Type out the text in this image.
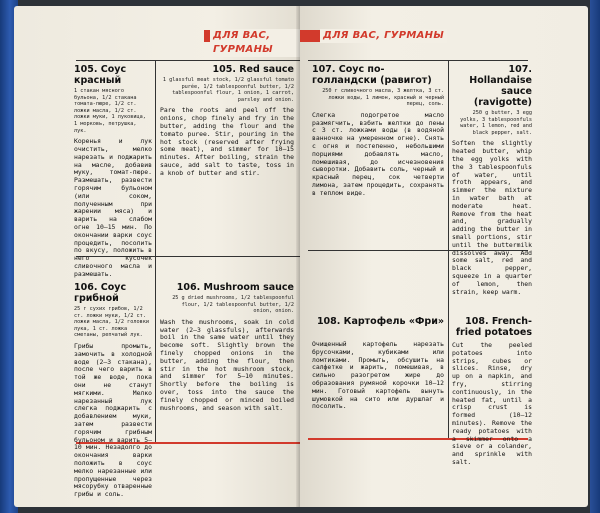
ДЛЯ ВАС, ГУРМАНЫ
105. Соус красный
1 стакан мясного бульона, 1/2 стакана томата-пюре, 1/2 ст. ложки масла, 1/2 ст. ложки муки, 1 луковица, 1 морковь, петрушка, лук.
Коренья и лук очистить, мелко нарезать и поджарить на масле, добавив муку, томат-пюре. Размешать, развести горячим бульоном (или соком, полученным при жарении мяса) и варить на слабом огне 10—15 мин. По окончании варки соус процедить, посолить по вкусу, положить в него кусочек сливочного масла и размешать.
105. Red sauce
1 glassful meat stock, 1/2 glassful tomato purée, 1/2 tablespoonful butter, 1/2 tablespoonful flour, 1 onion, 1 carrot, parsley and onion.
Pare the roots and peel off the onions, chop finely and fry in the butter, adding the flour and the tomato puree. Stir, pouring in the hot stock (reserved after frying some meat), and simmer for 10—15 minutes. After boiling, strain the sauce, add salt to taste, toss in a knob of butter and stir.
106. Соус грибной
25 г сухих грибов, 1/2 ст. ложки муки, 1/2 ст. ложки масла, 1/2 головки лука, 1 ст. ложка сметаны, репчатый лук.
Грибы промыть, замочить в холодной воде (2—3 стакана), после чего варить в той же воде, пока они не станут мягкими. Мелко нарезанный лук слегка поджарить с добавлением муки, затем развести горячим грибным бульоном и варить 5—10 мин. Незадолго до окончания варки положить в соус мелко нарезанные или пропущенные через мясорубку отваренные грибы и соль.
106. Mushroom sauce
25 g dried mushrooms, 1/2 tablespoonful flour, 1/2 tablespoonful butter, 1/2 onion, onion.
Wash the mushrooms, soak in cold water (2—3 glassfuls), afterwards boil in the same water until they become soft. Slightly brown the finely chopped onions in the butter, adding the flour, then stir in the hot mushroom stock, and simmer for 5—10 minutes. Shortly before the boiling is over, toss into the sauce the finely chopped or minced boiled mushrooms, and season with salt.
ДЛЯ ВАС, ГУРМАНЫ
107. Соус по-голландски (равигот)
250 г сливочного масла, 3 желтка, 3 ст. ложки воды, 1 лимон, красный и черный перец, соль.
Слегка подогретое масло размягчить, взбить желтки до пены с 3 ст. ложками воды (в водяной ванночке на умеренном огне). Снять с огня и постепенно, небольшими порциями добавлять масло, помешивая, до исчезновения сыворотки. Добавить соль, черный и красный перец, сок четверти лимона, затем процедить, сохранять в теплом виде.
107. Hollandaise sauce (ravigotte)
250 g butter, 3 egg yolks, 3 tablespoonfuls water, 1 lemon, red and black pepper, salt.
Soften the slightly heated butter, whip the egg yolks with the 3 tablespoonfuls of water, until froth appears, and simmer the mixture in water bath at moderate heat. Remove from the heat and, gradually adding the butter in small portions, stir until the buttermilk dissolves away. Add some salt, red and black pepper, squeeze in a quarter of lemon, then strain, keep warm.
108. Картофель «Фри»
Очищенный картофель нарезать брусочками, кубиками или ломтиками. Промыть, обсушить на салфетке и жарить, помешивая, в сильно разогретом жире до образования румяной корочки 10—12 мин. Готовый картофель вынуть шумовкой на сито или дуршлаг и посолить.
108. French-fried potatoes
Cut the peeled potatoes into strips, cubes or slices. Rinse, dry up on a napkin, and fry, stirring continuously, in the heated fat, until a crisp crust is formed (10—12 minutes). Remove the ready potatoes with a skimmer onto a sieve or a colander, and sprinkle with salt.
